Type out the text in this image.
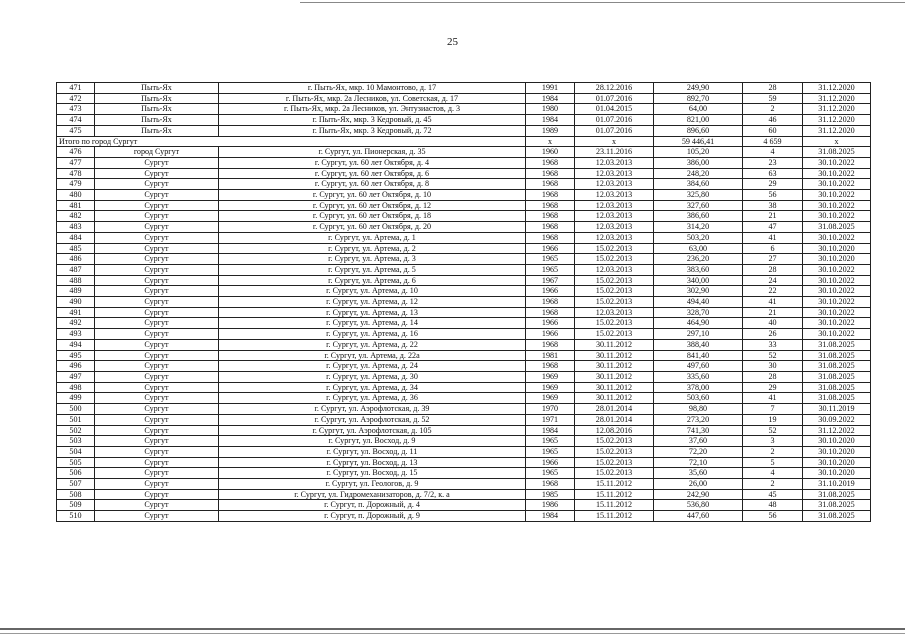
25
471	Пыть-Ях	г. Пыть-Ях, мкр. 10 Мамонтово, д. 17	1991	28.12.2016	249,90	28	31.12.2020
472	Пыть-Ях	г. Пыть-Ях, мкр. 2а Лесников, ул. Советская, д. 17	1984	01.07.2016	892,70	59	31.12.2020
473	Пыть-Ях	г. Пыть-Ях, мкр. 2а Лесников, ул. Энтузиастов, д. 3	1980	01.04.2015	64,00	2	31.12.2020
474	Пыть-Ях	г. Пыть-Ях, мкр. 3 Кедровый, д. 45	1984	01.07.2016	821,00	46	31.12.2020
475	Пыть-Ях	г. Пыть-Ях, мкр. 3 Кедровый, д. 72	1989	01.07.2016	896,60	60	31.12.2020
Итого по город Сургут			x	x	59 446,41	4 659	x
476	город Сургут	г. Сургут, ул. Пионерская, д. 35	1960	23.11.2016	105,20	4	31.08.2025
477	Сургут	г. Сургут, ул. 60 лет Октября, д. 4	1968	12.03.2013	386,00	23	30.10.2022
478	Сургут	г. Сургут, ул. 60 лет Октября, д. 6	1968	12.03.2013	248,20	63	30.10.2022
479	Сургут	г. Сургут, ул. 60 лет Октября, д. 8	1968	12.03.2013	384,60	29	30.10.2022
480	Сургут	г. Сургут, ул. 60 лет Октября, д. 10	1968	12.03.2013	325,80	56	30.10.2022
481	Сургут	г. Сургут, ул. 60 лет Октября, д. 12	1968	12.03.2013	327,60	38	30.10.2022
482	Сургут	г. Сургут, ул. 60 лет Октября, д. 18	1968	12.03.2013	386,60	21	30.10.2022
483	Сургут	г. Сургут, ул. 60 лет Октября, д. 20	1968	12.03.2013	314,20	47	31.08.2025
484	Сургут	г. Сургут, ул. Артема, д. 1	1968	12.03.2013	503,20	41	30.10.2022
485	Сургут	г. Сургут, ул. Артема, д. 2	1966	15.02.2013	63,00	6	30.10.2020
486	Сургут	г. Сургут, ул. Артема, д. 3	1965	15.02.2013	236,20	27	30.10.2020
487	Сургут	г. Сургут, ул. Артема, д. 5	1965	12.03.2013	383,60	28	30.10.2022
488	Сургут	г. Сургут, ул. Артема, д. 6	1967	15.02.2013	340,00	24	30.10.2022
489	Сургут	г. Сургут, ул. Артема, д. 10	1966	15.02.2013	302,90	22	30.10.2022
490	Сургут	г. Сургут, ул. Артема, д. 12	1968	15.02.2013	494,40	41	30.10.2022
491	Сургут	г. Сургут, ул. Артема, д. 13	1968	12.03.2013	328,70	21	30.10.2022
492	Сургут	г. Сургут, ул. Артема, д. 14	1966	15.02.2013	464,90	40	30.10.2022
493	Сургут	г. Сургут, ул. Артема, д. 16	1966	15.02.2013	297,10	26	30.10.2022
494	Сургут	г. Сургут, ул. Артема, д. 22	1968	30.11.2012	388,40	33	31.08.2025
495	Сургут	г. Сургут, ул. Артема, д. 22а	1981	30.11.2012	841,40	52	31.08.2025
496	Сургут	г. Сургут, ул. Артема, д. 24	1968	30.11.2012	497,60	30	31.08.2025
497	Сургут	г. Сургут, ул. Артема, д. 30	1969	30.11.2012	335,60	28	31.08.2025
498	Сургут	г. Сургут, ул. Артема, д. 34	1969	30.11.2012	378,00	29	31.08.2025
499	Сургут	г. Сургут, ул. Артема, д. 36	1969	30.11.2012	503,60	41	31.08.2025
500	Сургут	г. Сургут, ул. Аэрофлотская, д. 39	1970	28.01.2014	98,80	7	30.11.2019
501	Сургут	г. Сургут, ул. Аэрофлотская, д. 52	1971	28.01.2014	273,20	19	30.09.2022
502	Сургут	г. Сургут, ул. Аэрофлотская, д. 105	1984	12.08.2016	741,30	52	31.12.2022
503	Сургут	г. Сургут, ул. Восход, д. 9	1965	15.02.2013	37,60	3	30.10.2020
504	Сургут	г. Сургут, ул. Восход, д. 11	1965	15.02.2013	72,20	2	30.10.2020
505	Сургут	г. Сургут, ул. Восход, д. 13	1966	15.02.2013	72,10	5	30.10.2020
506	Сургут	г. Сургут, ул. Восход, д. 15	1965	15.02.2013	35,60	4	30.10.2020
507	Сургут	г. Сургут, ул. Геологов, д. 9	1968	15.11.2012	26,00	2	31.10.2019
508	Сургут	г. Сургут, ул. Гидромеханизаторов, д. 7/2, к. а	1985	15.11.2012	242,90	45	31.08.2025
509	Сургут	г. Сургут, п. Дорожный, д. 4	1986	15.11.2012	536,80	48	31.08.2025
510	Сургут	г. Сургут, п. Дорожный, д. 9	1984	15.11.2012	447,60	56	31.08.2025
